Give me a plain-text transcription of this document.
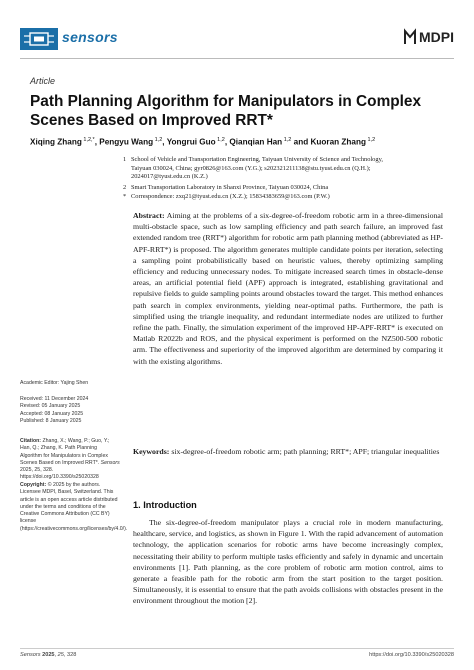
sensors	MDPI
Article
Path Planning Algorithm for Manipulators in Complex Scenes Based on Improved RRT*
Xiqing Zhang $^{1,2,*}$, Pengyu Wang $^{1,2}$, Yongrui Guo $^{1,2}$, Qianqian Han $^{1,2}$ and Kuoran Zhang $^{1,2}$
1 School of Vehicle and Transportation Engineering, Taiyuan University of Science and Technology,
Taiyuan 030024, China; gyr0826@163.com (Y.G.); s202321211138@stu.tyust.edu.cn (Q.H.);
2024017@tyust.edu.cn (K.Z.)
2 Smart Transportation Laboratory in Shanxi Province, Taiyuan 030024, China
* Correspondence: zxq21@tyust.edu.cn (X.Z.); 15834383659@163.com (P.W.)
Abstract: Aiming at the problems of a six-degree-of-freedom robotic arm in a three-dimensional multi-obstacle space, such as low sampling efficiency and path search failure, an improved fast extended random tree (RRT*) algorithm for robotic arm path planning method (abbreviated as HP-APF-RRT*) is proposed. The algorithm generates multiple candidate points per iteration, selecting a sampling point probabilistically based on heuristic values, thereby optimizing sampling efficiency and reducing unnecessary nodes. To mitigate increased search times in obstacle-dense areas, an artificial potential field (APF) approach is integrated, establishing gravitational and repulsive fields to guide sampling points around obstacles toward the target. This method enhances path search in complex environments, yielding near-optimal paths. Furthermore, the path is simplified using the triangle inequality, and redundant intermediate nodes are utilized to further refine the path. Finally, the simulation experiment of the improved HP-APF-RRT* is executed on Matlab R2022b and ROS, and the physical experiment is performed on the NZ500-500 robotic arm. The effectiveness and superiority of the improved algorithm are determined by comparing it with the existing algorithms.
Keywords: six-degree-of-freedom robotic arm; path planning; RRT*; APF; triangular inequalities
Academic Editor: Yajing Shen
Received: 11 December 2024
Revised: 05 January 2025
Accepted: 08 January 2025
Published: 8 January 2025
Citation: Zhang, X.; Wang, P.; Guo, Y.; Han, Q.; Zhang, K. Path Planning Algorithm for Manipulators in Complex Scenes Based on Improved RRT*. Sensors 2025, 25, 328. https://doi.org/10.3390/s25020328
Copyright: © 2025 by the authors. Licensee MDPI, Basel, Switzerland. This article is an open access article distributed under the terms and conditions of the Creative Commons Attribution (CC BY) license (https://creativecommons.org/licenses/by/4.0/).
1. Introduction
The six-degree-of-freedom manipulator plays a crucial role in modern manufacturing, healthcare, service, and logistics, as shown in Figure 1. With the rapid advancement of automation technology, the application scenarios for robotic arms have become increasingly complex, necessitating their ability to perform multiple tasks efficiently and safely in dynamic and uncertain environments [1]. Path planning, as the core problem of robotic arm motion control, aims to generate a feasible path for the robotic arm from the start position to the target position. Simultaneously, it is essential to ensure that the path avoids collisions with obstacles present in the environment throughout the motion [2].
Sensors 2025, 25, 328	https://doi.org/10.3390/s25020328
